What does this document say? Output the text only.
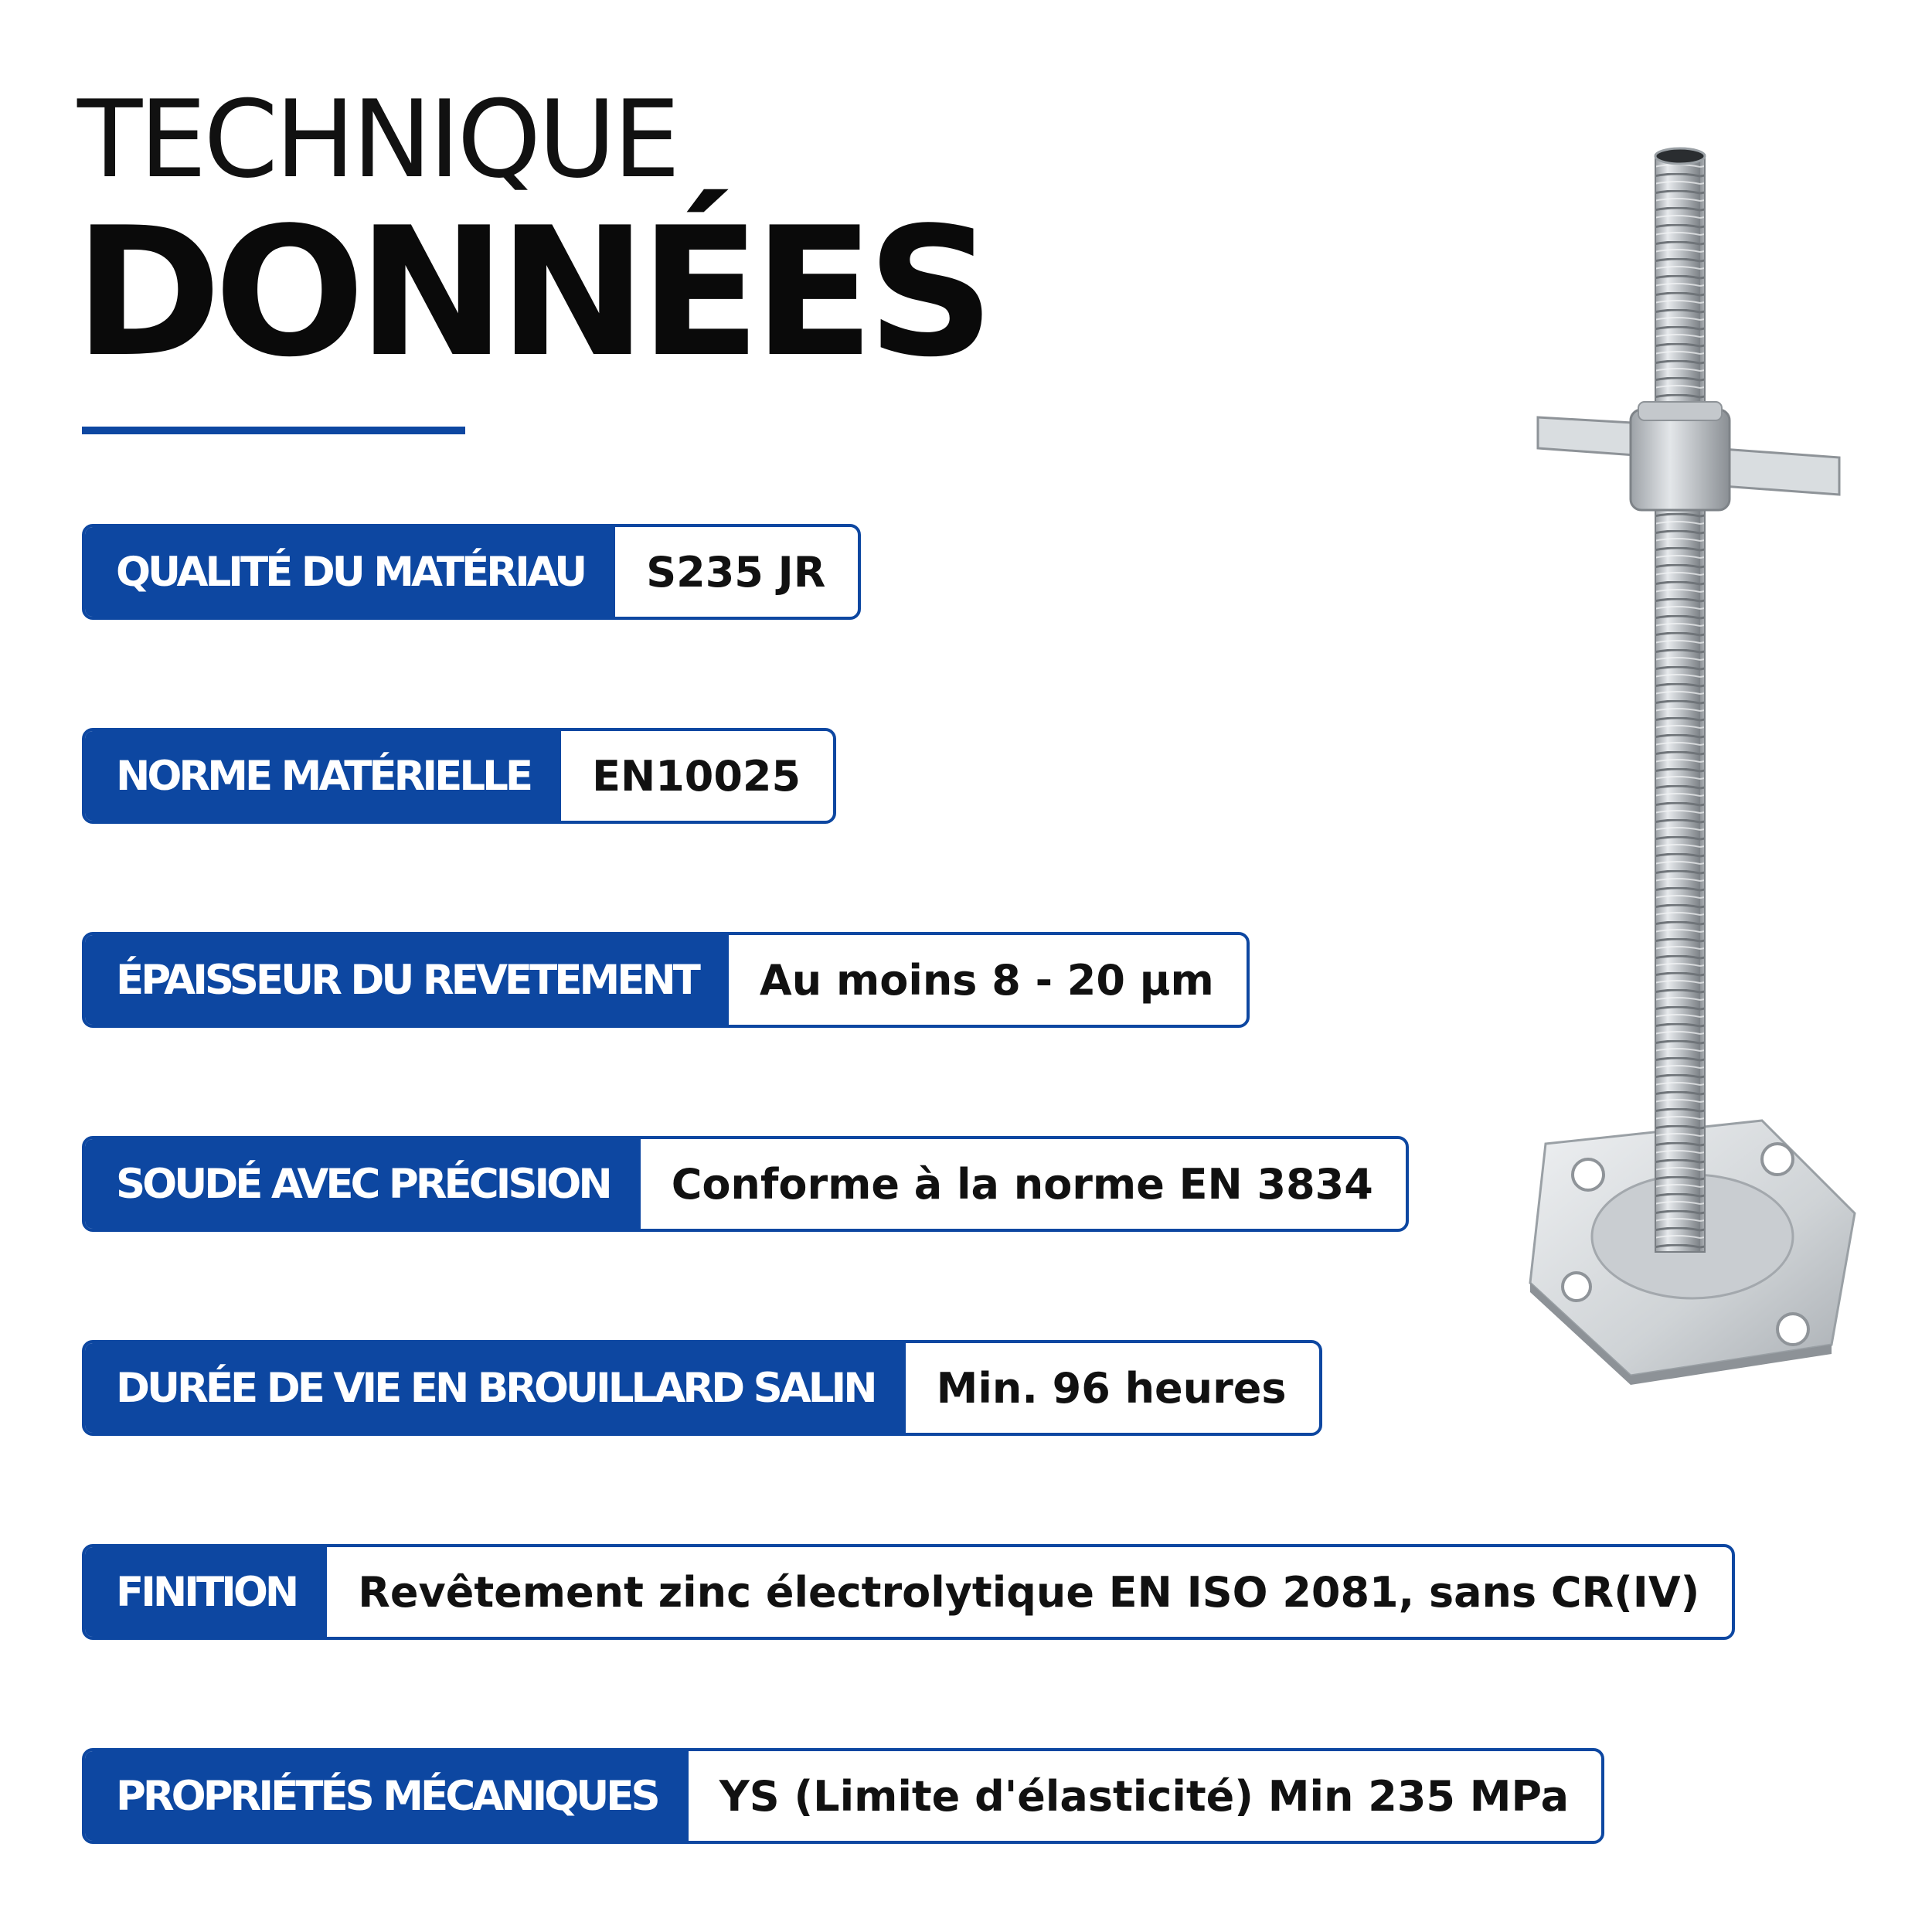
TECHNIQUE
DONNÉES
QUALITÉ DU MATÉRIAU	S235 JR
NORME MATÉRIELLE	EN10025
ÉPAISSEUR DU REVETEMENT	Au moins 8 - 20 µm
SOUDÉ AVEC PRÉCISION	Conforme à la norme EN 3834
DURÉE DE VIE EN BROUILLARD SALIN	Min. 96 heures
FINITION	Revêtement zinc électrolytique EN ISO 2081, sans CR(IV)
PROPRIÉTÉS MÉCANIQUES	YS (Limite d'élasticité) Min 235 MPa
